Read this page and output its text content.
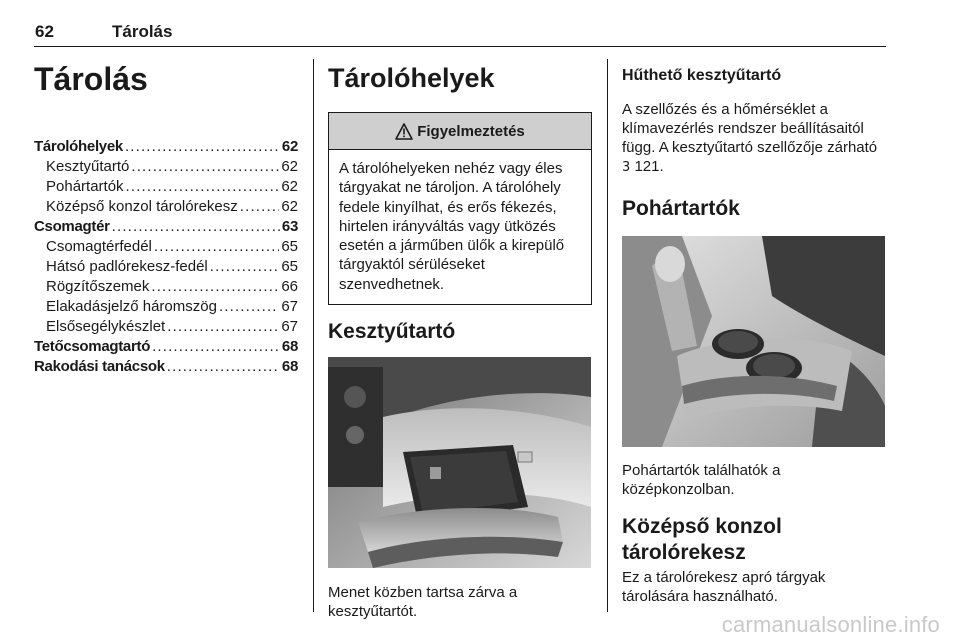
62	Tárolás
Tárolás
Tárolóhelyek . . .	62
Kesztyűtartó . . .	62
Pohártartók . . .	62
Középső konzol tárolórekesz . . .	62
Csomagtér . . .	63
Csomagtérfedél . . .	65
Hátsó padlórekesz-fedél . . .	65
Rögzítőszemek . . .	66
Elakadásjelző háromszög . . .	67
Elsősegélykészlet . . .	67
Tetőcsomagtartó . . .	68
Rakodási tanácsok . . .	68
Tárolóhelyek
Figyelmeztetés
A tárolóhelyeken nehéz vagy éles tárgyakat ne tároljon. A tárolóhely fedele kinyílhat, és erős fékezés, hirtelen irányváltás vagy ütközés esetén a járműben ülők a kirepülő tárgyaktól sérüléseket szenvedhetnek.
Kesztyűtartó

Menet közben tartsa zárva a kesztyűtartót.

Hűthető kesztyűtartó

A szellőzés és a hőmérséklet a klímavezérlés rendszer beállításaitól függ. A kesztyűtartó szellőzője zárható 3 121.

Pohártartók

Pohártartók találhatók a középkonzolban.

Középső konzol tárolórekesz

Ez a tárolórekesz apró tárgyak tárolására használható.

carmanualsonline.info
